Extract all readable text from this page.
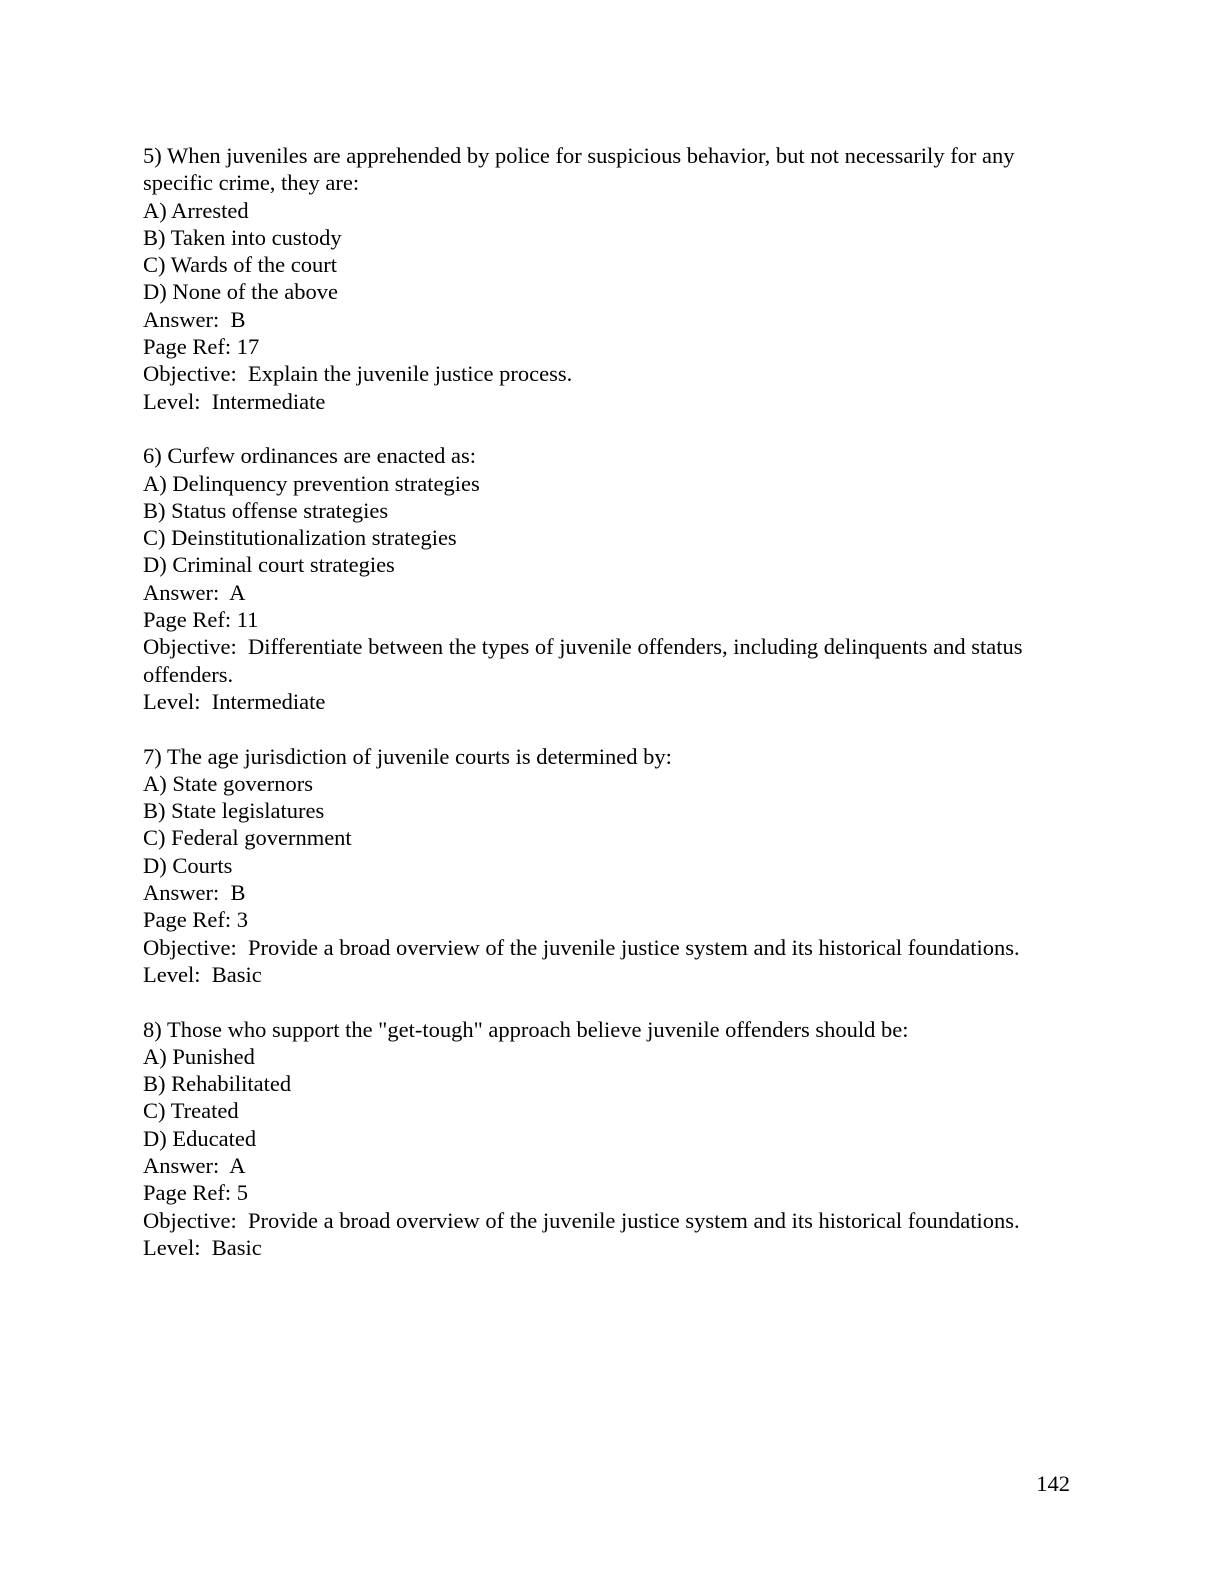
5) When juveniles are apprehended by police for suspicious behavior, but not necessarily for any specific crime, they are:
A) Arrested
B) Taken into custody
C) Wards of the court
D) None of the above
Answer:  B
Page Ref: 17
Objective:  Explain the juvenile justice process.
Level:  Intermediate
6) Curfew ordinances are enacted as:
A) Delinquency prevention strategies
B) Status offense strategies
C) Deinstitutionalization strategies
D) Criminal court strategies
Answer:  A
Page Ref: 11
Objective:  Differentiate between the types of juvenile offenders, including delinquents and status offenders.
Level:  Intermediate
7) The age jurisdiction of juvenile courts is determined by:
A) State governors
B) State legislatures
C) Federal government
D) Courts
Answer:  B
Page Ref: 3
Objective:  Provide a broad overview of the juvenile justice system and its historical foundations.
Level:  Basic
8) Those who support the "get-tough" approach believe juvenile offenders should be:
A) Punished
B) Rehabilitated
C) Treated
D) Educated
Answer:  A
Page Ref: 5
Objective:  Provide a broad overview of the juvenile justice system and its historical foundations.
Level:  Basic
142
